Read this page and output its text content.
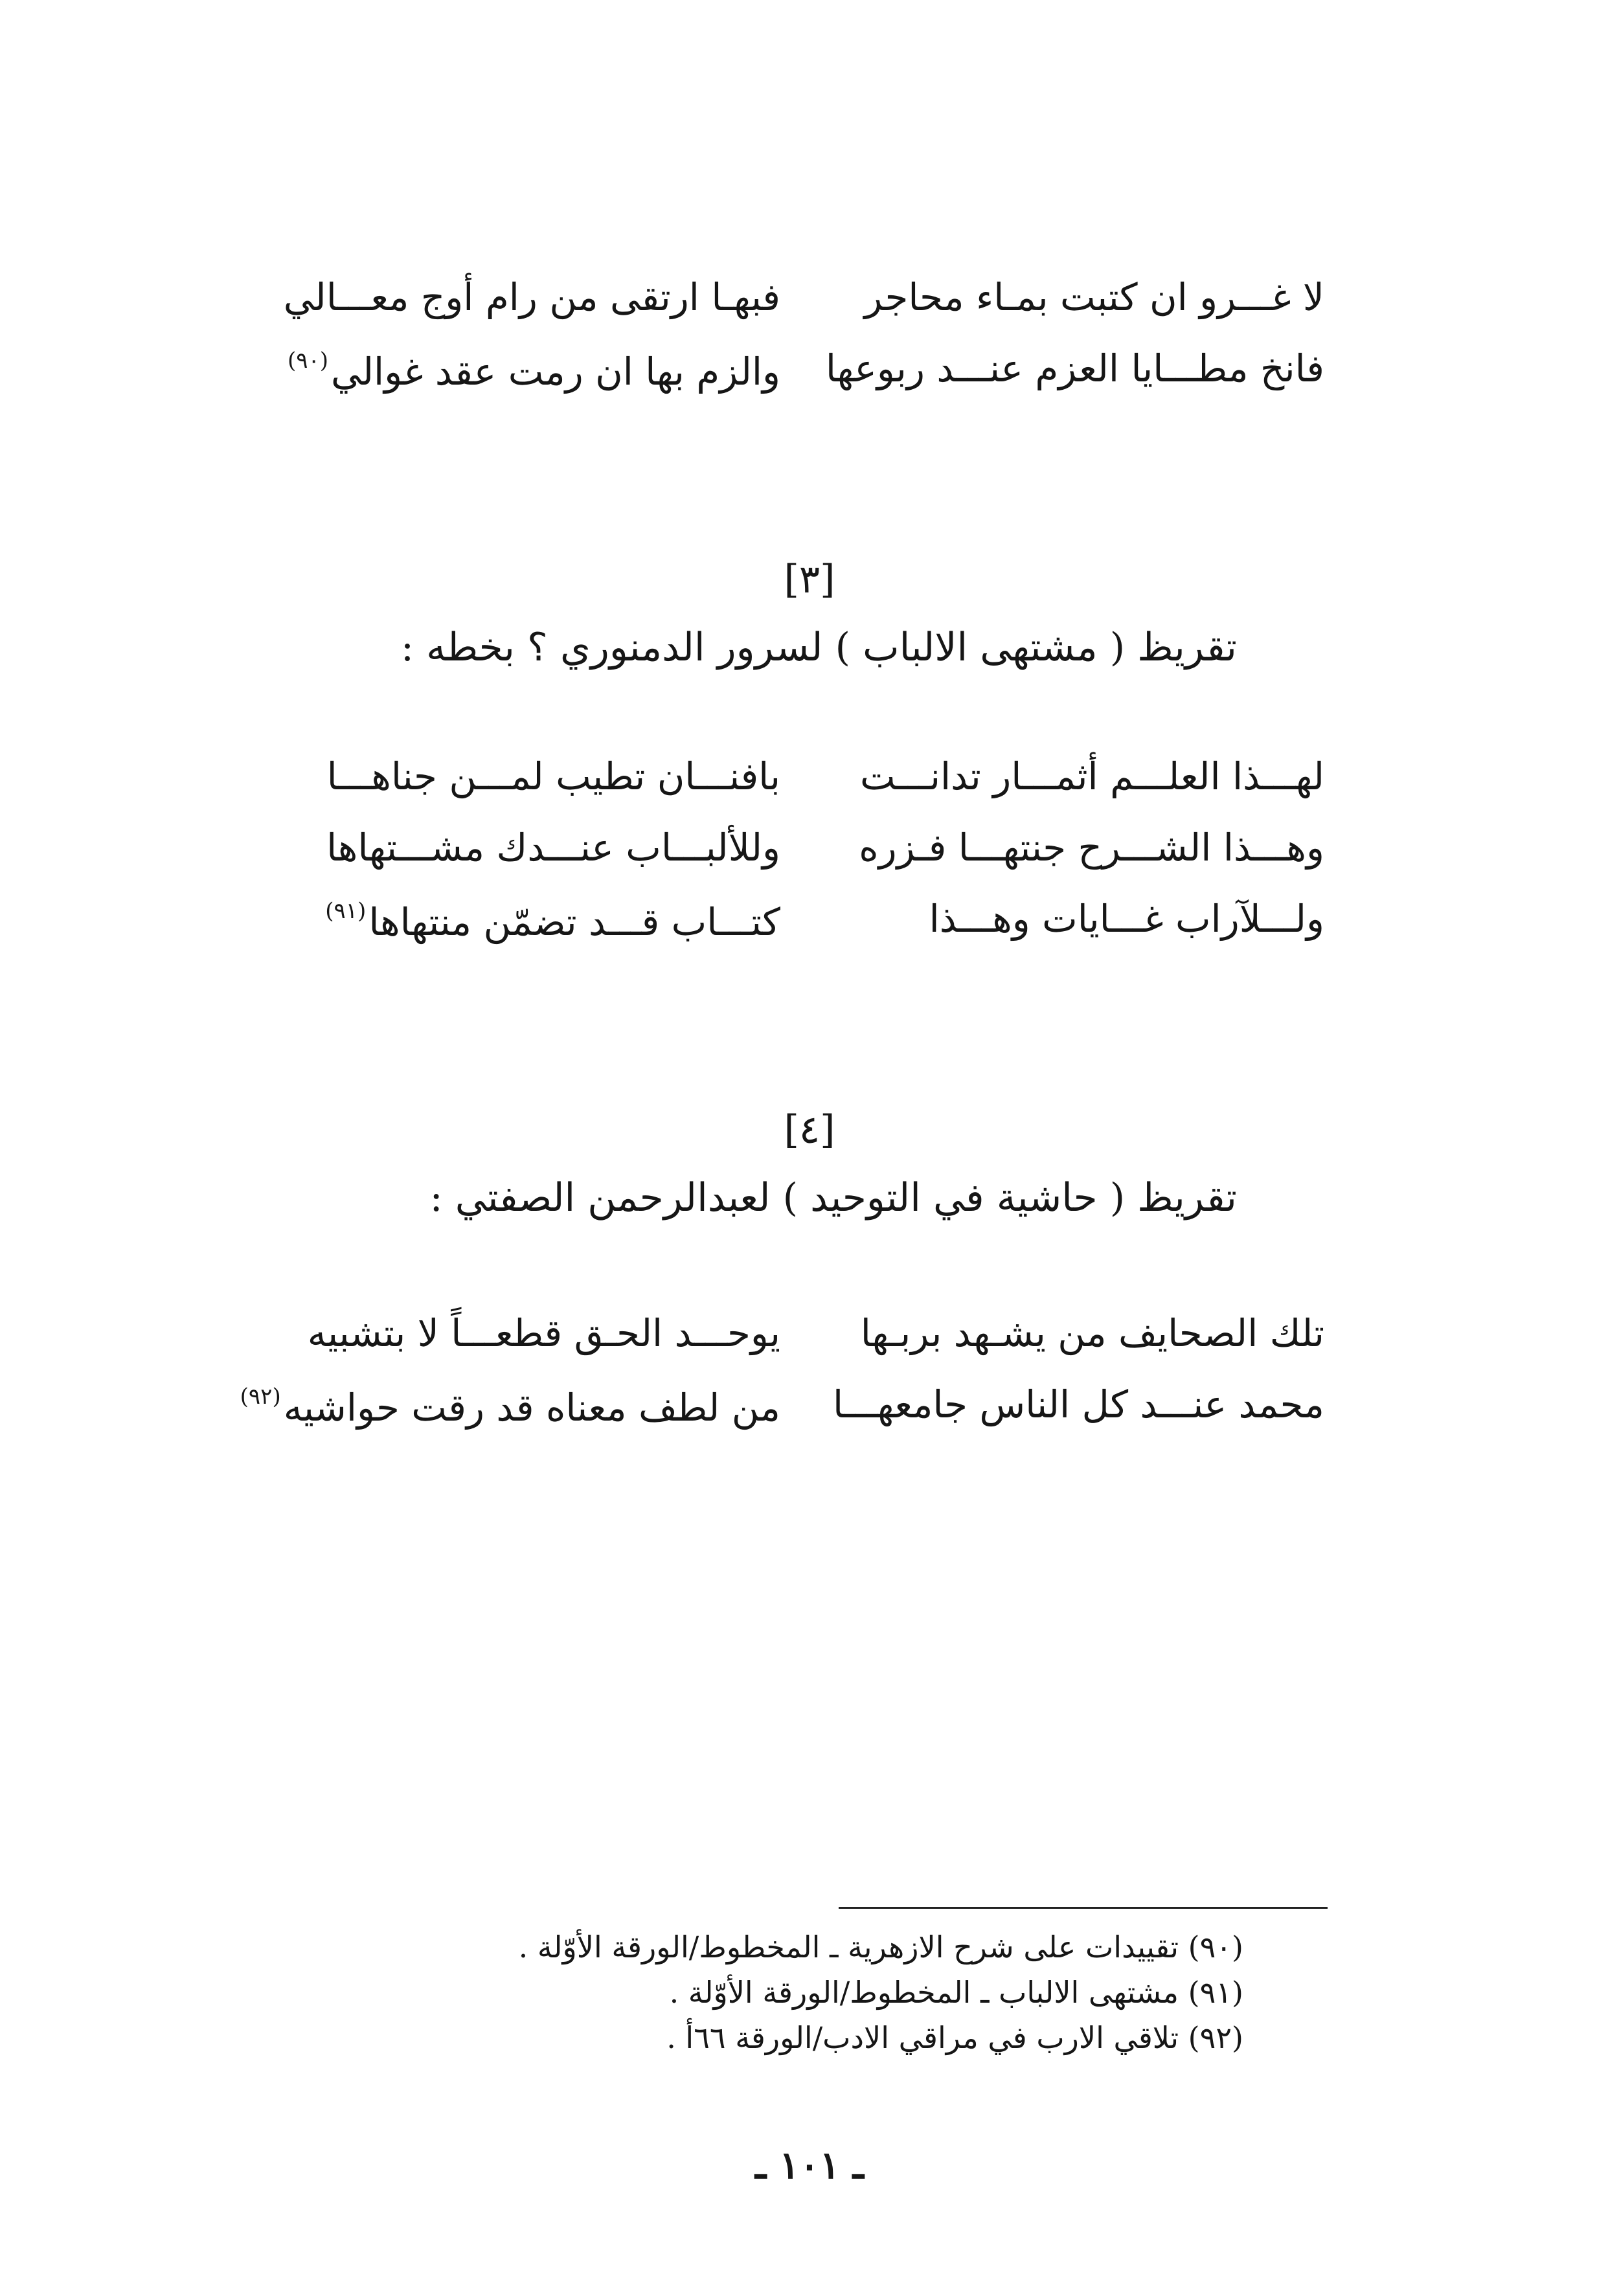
لا غـــرو ان كتبت بمـاء محاجر
فبهـا ارتقى من رام أوج معـــالي
فانخ مطـــايا العزم عنـــد ربوعها
والزم بها ان رمت عقد غوالي$^{(٩٠)}$
[٣]
تقريظ ( مشتهى الالباب ) لسرور الدمنوري ؟ بخطه :
لهـــذا العلـــم أثمـــار تدانـــت
بافنـــان تطيب لمـــن جناهـــا
وهـــذا الشـــرح جنتهـــا فـزره
وللألبـــاب عنـــدك مشـــتهاها
ولـــلآراب غـــايات وهـــذا
كتـــاب قـــد تضمّن منتهاها$^{(٩١)}$
[٤]
تقريظ ( حاشية في التوحيد ) لعبدالرحمن الصفتي :
تلك الصحايف من يشـهد بربـها
يوحـــد الحـق قطعـــاً لا بتشبيه
محمد عنـــد كل الناس جامعهـــا
من لطف معناه قد رقت حواشيه$^{(٩٢)}$
(٩٠) تقييدات على شرح الازهرية ـ المخطوط/الورقة الأوّلة .
(٩١) مشتهى الالباب ـ المخطوط/الورقة الأوّلة .
(٩٢) تلاقي الارب في مراقي الادب/الورقة ٦٦أ .
ـ ١٠١ ـ
